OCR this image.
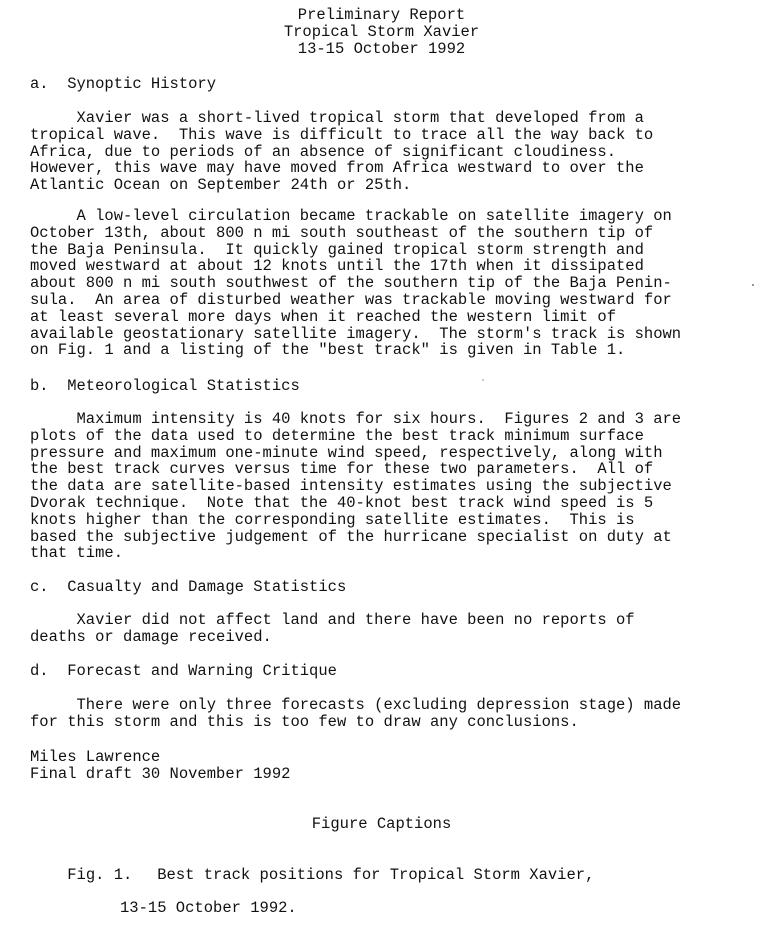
Preliminary Report
Tropical Storm Xavier
13-15 October 1992
a.  Synoptic History
Xavier was a short-lived tropical storm that developed from a
tropical wave.  This wave is difficult to trace all the way back to
Africa, due to periods of an absence of significant cloudiness.
However, this wave may have moved from Africa westward to over the
Atlantic Ocean on September 24th or 25th.
A low-level circulation became trackable on satellite imagery on
October 13th, about 800 n mi south southeast of the southern tip of
the Baja Peninsula.  It quickly gained tropical storm strength and
moved westward at about 12 knots until the 17th when it dissipated
about 800 n mi south southwest of the southern tip of the Baja Penin-
sula.  An area of disturbed weather was trackable moving westward for
at least several more days when it reached the western limit of
available geostationary satellite imagery.  The storm's track is shown
on Fig. 1 and a listing of the "best track" is given in Table 1.
b.  Meteorological Statistics
Maximum intensity is 40 knots for six hours.  Figures 2 and 3 are
plots of the data used to determine the best track minimum surface
pressure and maximum one-minute wind speed, respectively, along with
the best track curves versus time for these two parameters.  All of
the data are satellite-based intensity estimates using the subjective
Dvorak technique.  Note that the 40-knot best track wind speed is 5
knots higher than the corresponding satellite estimates.  This is
based the subjective judgement of the hurricane specialist on duty at
that time.
c.  Casualty and Damage Statistics
Xavier did not affect land and there have been no reports of
deaths or damage received.
d.  Forecast and Warning Critique
There were only three forecasts (excluding depression stage) made
for this storm and this is too few to draw any conclusions.
Miles Lawrence
Final draft 30 November 1992
Figure Captions

Fig. 1. Best track positions for Tropical Storm Xavier,

13-15 October 1992.
